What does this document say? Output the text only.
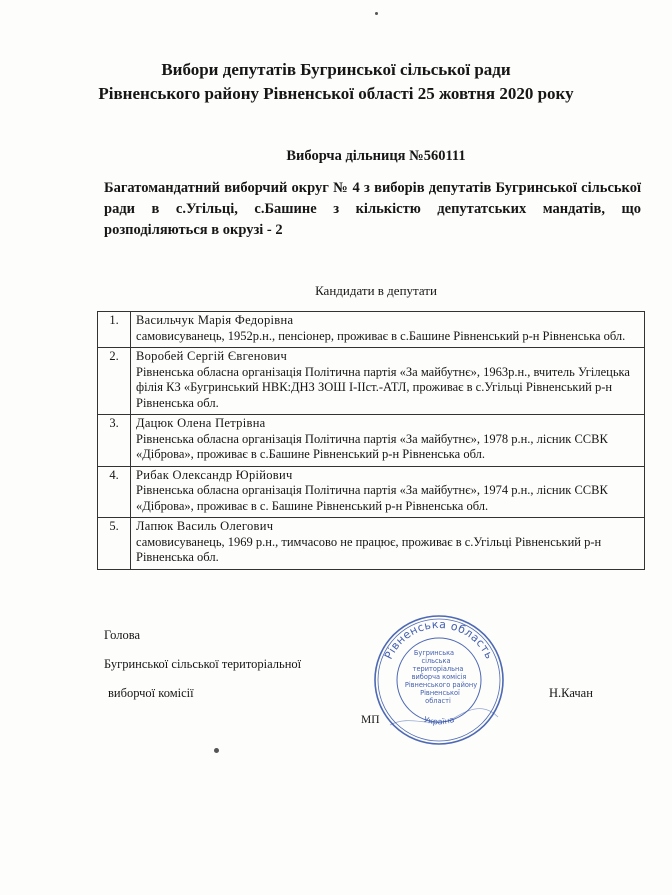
Вибори депутатів Бугринської сільської ради
Рівненського району Рівненської області 25 жовтня 2020 року
Виборча дільниця №560111
Багатомандатний виборчий округ № 4 з виборів депутатів Бугринської сільської ради в с.Угільці, с.Башине з кількістю депутатських мандатів, що розподіляються в окрузі - 2
Кандидати в депутати
1.	Васильчук Марія Федорівна
самовисуванець, 1952р.н., пенсіонер, проживає в с.Башине Рівненський р-н Рівненська обл.

2.	Воробей Сергій Євгенович
Рівненська обласна організація Політична партія «За майбутнє», 1963р.н., вчитель Угілецька філія КЗ «Бугринський НВК:ДНЗ ЗОШ I-IIст.-АТЛ, проживає в с.Угільці Рівненський р-н Рівненська обл.

3.	Дацюк Олена Петрівна
Рівненська обласна організація Політична партія «За майбутнє», 1978 р.н., лісник ССВК «Діброва», проживає в с.Башине Рівненський р-н Рівненська обл.

4.	Рибак Олександр Юрійович
Рівненська обласна організація Політична партія «За майбутнє», 1974 р.н., лісник ССВК «Діброва», проживає в с. Башине Рівненський р-н Рівненська обл.

5.	Лапюк Василь Олегович
самовисуванець, 1969 р.н., тимчасово не працює, проживає в с.Угільці Рівненський р-н Рівненська обл.
Голова
Бугринської сільської територіальної
виборчої комісії
МП
Н.Качан
Рівненська область
Бугринська
сільська
територіальна
виборча комісія
Рівненського району
Рівненської
області
Україна
